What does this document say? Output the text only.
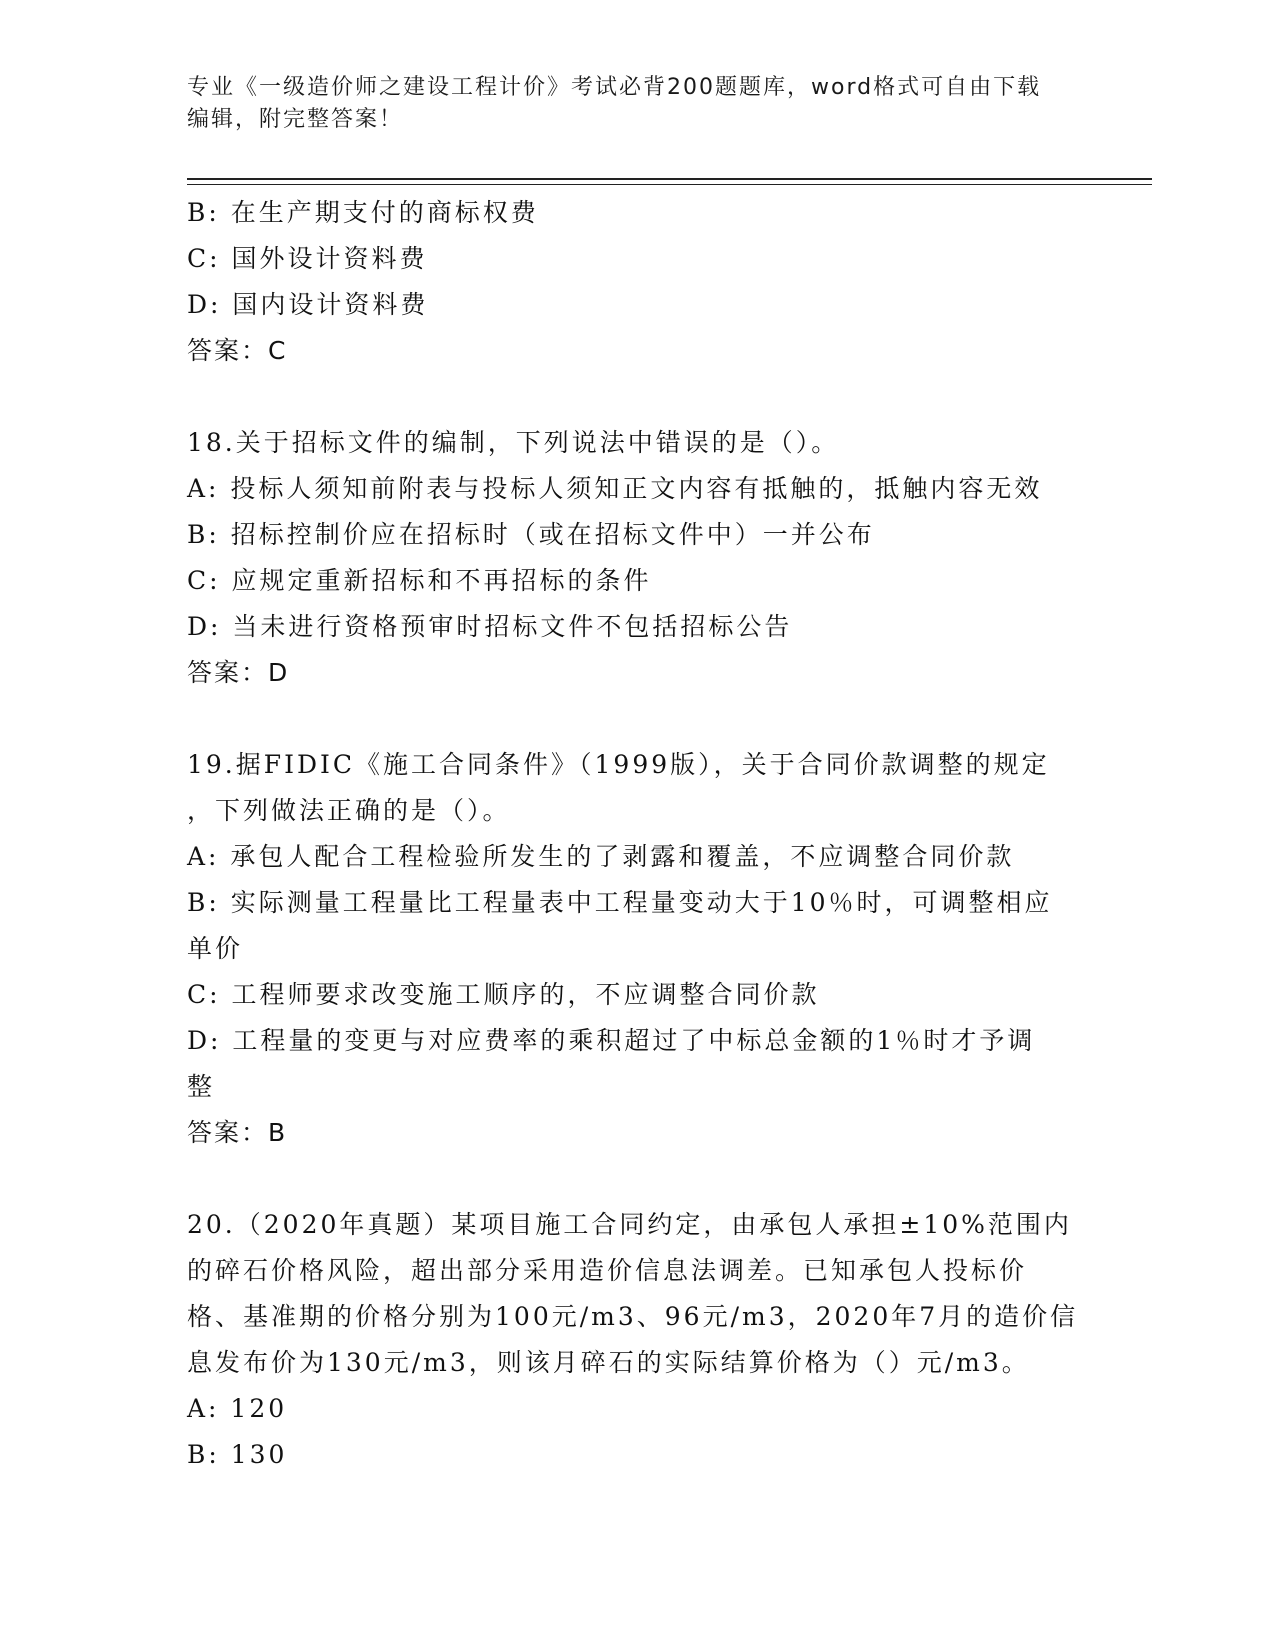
专业《一级造价师之建设工程计价》考试必背200题题库，word格式可自由下载
编辑，附完整答案！

B: 在生产期支付的商标权费

C: 国外设计资料费

D: 国内设计资料费

答案：C

18.关于招标文件的编制，下列说法中错误的是（）。

A: 投标人须知前附表与投标人须知正文内容有抵触的，抵触内容无效

B: 招标控制价应在招标时（或在招标文件中）一并公布

C: 应规定重新招标和不再招标的条件

D: 当未进行资格预审时招标文件不包括招标公告

答案：D

19.据FIDIC《施工合同条件》（1999版），关于合同价款调整的规定

，下列做法正确的是（）。

A: 承包人配合工程检验所发生的了剥露和覆盖，不应调整合同价款

B: 实际测量工程量比工程量表中工程量变动大于10％时，可调整相应

单价

C: 工程师要求改变施工顺序的，不应调整合同价款

D: 工程量的变更与对应费率的乘积超过了中标总金额的1％时才予调

整

答案：B

20.（2020年真题）某项目施工合同约定，由承包人承担±10%范围内

的碎石价格风险，超出部分采用造价信息法调差。已知承包人投标价

格、基准期的价格分别为100元/m3、96元/m3，2020年7月的造价信

息发布价为130元/m3，则该月碎石的实际结算价格为（）元/m3。

A: 120

B: 130
